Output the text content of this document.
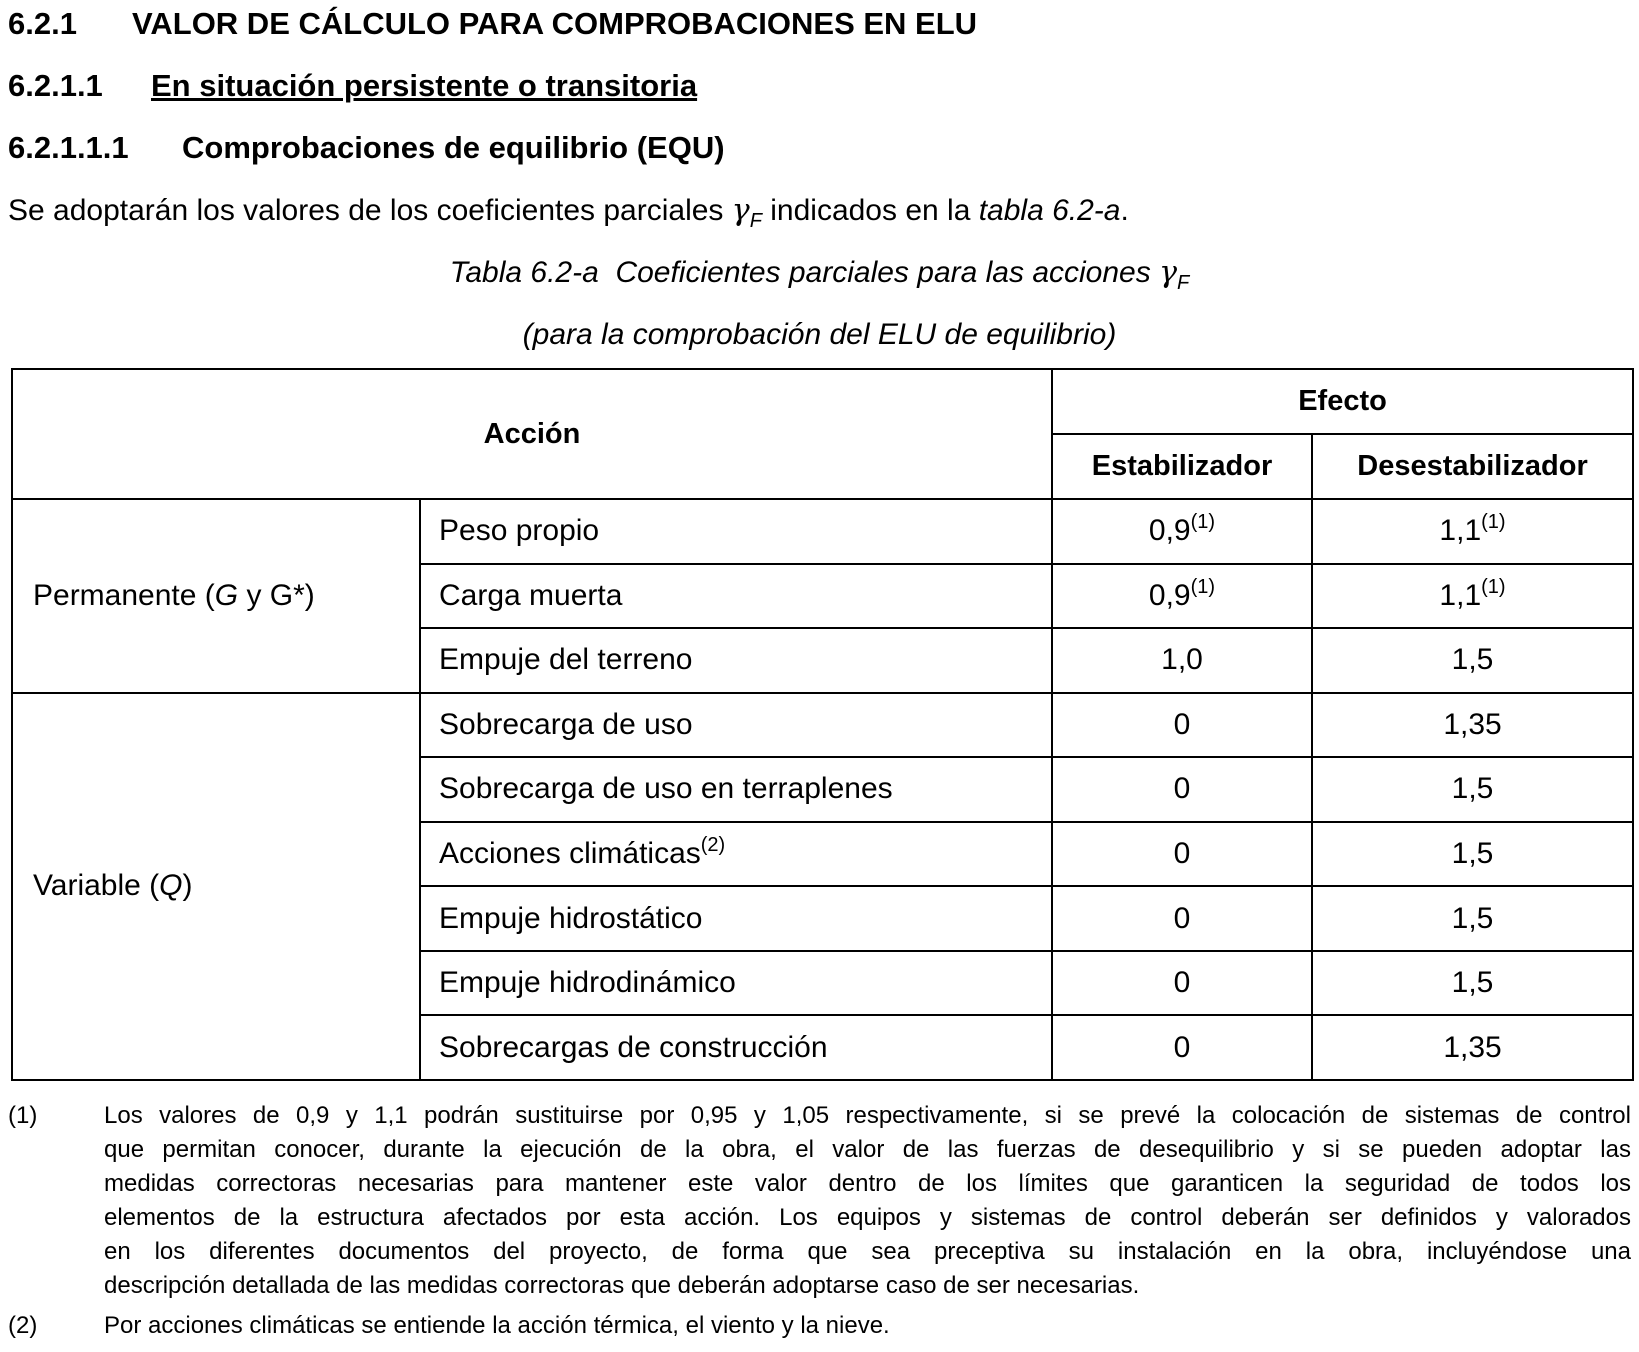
6.2.1 VALOR DE CÁLCULO PARA COMPROBACIONES EN ELU
6.2.1.1 En situación persistente o transitoria
6.2.1.1.1 Comprobaciones de equilibrio (EQU)
Se adoptarán los valores de los coeficientes parciales $\gamma_F$ indicados en la tabla 6.2-a.
Tabla 6.2-a  Coeficientes parciales para las acciones $\gamma_F$
(para la comprobación del ELU de equilibrio)
Acción		Efecto	
		Estabilizador	Desestabilizador
Permanente (G y G*)	Peso propio	0,9$^{(1)}$	1,1$^{(1)}$
	Carga muerta	0,9$^{(1)}$	1,1$^{(1)}$
	Empuje del terreno	1,0	1,5
Variable (Q)	Sobrecarga de uso	0	1,35
	Sobrecarga de uso en terraplenes	0	1,5
	Acciones climáticas$^{(2)}$	0	1,5
	Empuje hidrostático	0	1,5
	Empuje hidrodinámico	0	1,5
	Sobrecargas de construcción	0	1,35
(1)	Los valores de 0,9 y 1,1 podrán sustituirse por 0,95 y 1,05 respectivamente, si se prevé la colocación de sistemas de control
que permitan conocer, durante la ejecución de la obra, el valor de las fuerzas de desequilibrio y si se pueden adoptar las
medidas correctoras necesarias para mantener este valor dentro de los límites que garanticen la seguridad de todos los
elementos de la estructura afectados por esta acción. Los equipos y sistemas de control deberán ser definidos y valorados
en los diferentes documentos del proyecto, de forma que sea preceptiva su instalación en la obra, incluyéndose una
descripción detallada de las medidas correctoras que deberán adoptarse caso de ser necesarias.
(2)	Por acciones climáticas se entiende la acción térmica, el viento y la nieve.
